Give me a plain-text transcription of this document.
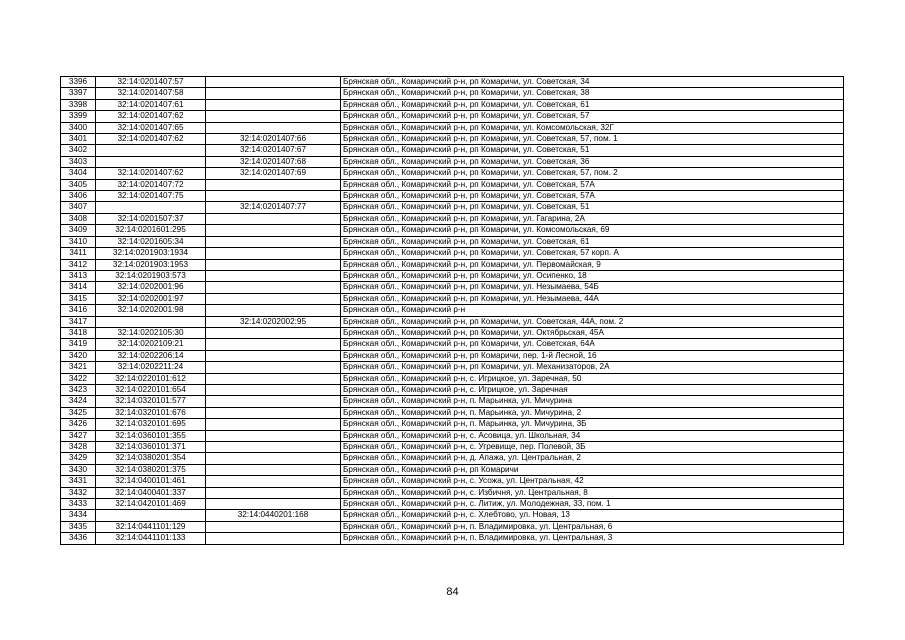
3396	32:14:0201407:57		Брянская обл., Комаричский р-н, рп Комаричи, ул. Советская, 34
3397	32:14:0201407:58		Брянская обл., Комаричский р-н, рп Комаричи, ул. Советская, 38
3398	32:14:0201407:61		Брянская обл., Комаричский р-н, рп Комаричи, ул. Советская, 61
3399	32:14:0201407:62		Брянская обл., Комаричский р-н, рп Комаричи, ул. Советская, 57
3400	32:14:0201407:65		Брянская обл., Комаричский р-н, рп Комаричи, ул. Комсомольская, 32Г
3401	32:14:0201407:62	32:14:0201407:66	Брянская обл., Комаричский р-н, рп Комаричи, ул. Советская, 57, пом. 1
3402		32:14:0201407:67	Брянская обл., Комаричский р-н, рп Комаричи, ул. Советская, 51
3403		32:14:0201407:68	Брянская обл., Комаричский р-н, рп Комаричи, ул. Советская, 36
3404	32:14:0201407:62	32:14:0201407:69	Брянская обл., Комаричский р-н, рп Комаричи, ул. Советская, 57, пом. 2
3405	32:14:0201407:72		Брянская обл., Комаричский р-н, рп Комаричи, ул. Советская, 57А
3406	32:14:0201407:75		Брянская обл., Комаричский р-н, рп Комаричи, ул. Советская, 57А
3407		32:14:0201407:77	Брянская обл., Комаричский р-н, рп Комаричи, ул. Советская, 51
3408	32:14:0201507:37		Брянская обл., Комаричский р-н, рп Комаричи, ул. Гагарина, 2А
3409	32:14:0201601:295		Брянская обл., Комаричский р-н, рп Комаричи, ул. Комсомольская, 69
3410	32:14:0201605:34		Брянская обл., Комаричский р-н, рп Комаричи, ул. Советская, 61
3411	32:14:0201903:1934		Брянская обл., Комаричский р-н, рп Комаричи, ул. Советская, 57 корп. А
3412	32:14:0201903:1953		Брянская обл., Комаричский р-н, рп Комаричи, ул. Первомайская, 9
3413	32:14:0201903:573		Брянская обл., Комаричский р-н, рп Комаричи, ул. Осипенко, 18
3414	32:14:0202001:96		Брянская обл., Комаричский р-н, рп Комаричи, ул. Незымаева, 54Б
3415	32:14:0202001:97		Брянская обл., Комаричский р-н, рп Комаричи, ул. Незымаева, 44А
3416	32:14:0202001:98		Брянская обл., Комаричский р-н
3417		32:14:0202002:95	Брянская обл., Комаричский р-н, рп Комаричи, ул. Советская, 44А, пом. 2
3418	32:14:0202105:30		Брянская обл., Комаричский р-н, рп Комаричи, ул. Октябрьская, 45А
3419	32:14:0202109:21		Брянская обл., Комаричский р-н, рп Комаричи, ул. Советская, 64А
3420	32:14:0202206:14		Брянская обл., Комаричский р-н, рп Комаричи, пер. 1-й Лесной, 16
3421	32:14:0202211:24		Брянская обл., Комаричский р-н, рп Комаричи, ул. Механизаторов, 2А
3422	32:14:0220101:612		Брянская обл., Комаричский р-н, с. Игрицкое, ул. Заречная, 50
3423	32:14:0220101:654		Брянская обл., Комаричский р-н, с. Игрицкое, ул. Заречная
3424	32:14:0320101:577		Брянская обл., Комаричский р-н, п. Марьинка, ул. Мичурина
3425	32:14:0320101:676		Брянская обл., Комаричский р-н, п. Марьинка, ул. Мичурина, 2
3426	32:14:0320101:695		Брянская обл., Комаричский р-н, п. Марьинка, ул. Мичурина, 3Б
3427	32:14:0360101:355		Брянская обл., Комаричский р-н, с. Асовица, ул. Школьная, 34
3428	32:14:0360101:371		Брянская обл., Комаричский р-н, с. Угревище, пер. Полевой, 3Б
3429	32:14:0380201:354		Брянская обл., Комаричский р-н, д. Апажа, ул. Центральная, 2
3430	32:14:0380201:375		Брянская обл., Комаричский р-н, рп Комаричи
3431	32:14:0400101:461		Брянская обл., Комаричский р-н, с. Усожа, ул. Центральная, 42
3432	32:14:0400401:337		Брянская обл., Комаричский р-н, с. Избичня, ул. Центральная, 8
3433	32:14:0420101:469		Брянская обл., Комаричский р-н, с. Литиж, ул. Молодежная, 33, пом. 1
3434		32:14:0440201:168	Брянская обл., Комаричский р-н, с. Хлебтово, ул. Новая, 13
3435	32:14:0441101:129		Брянская обл., Комаричский р-н, п. Владимировка, ул. Центральная, 6
3436	32:14:0441101:133		Брянская обл., Комаричский р-н, п. Владимировка, ул. Центральная, 3
84
